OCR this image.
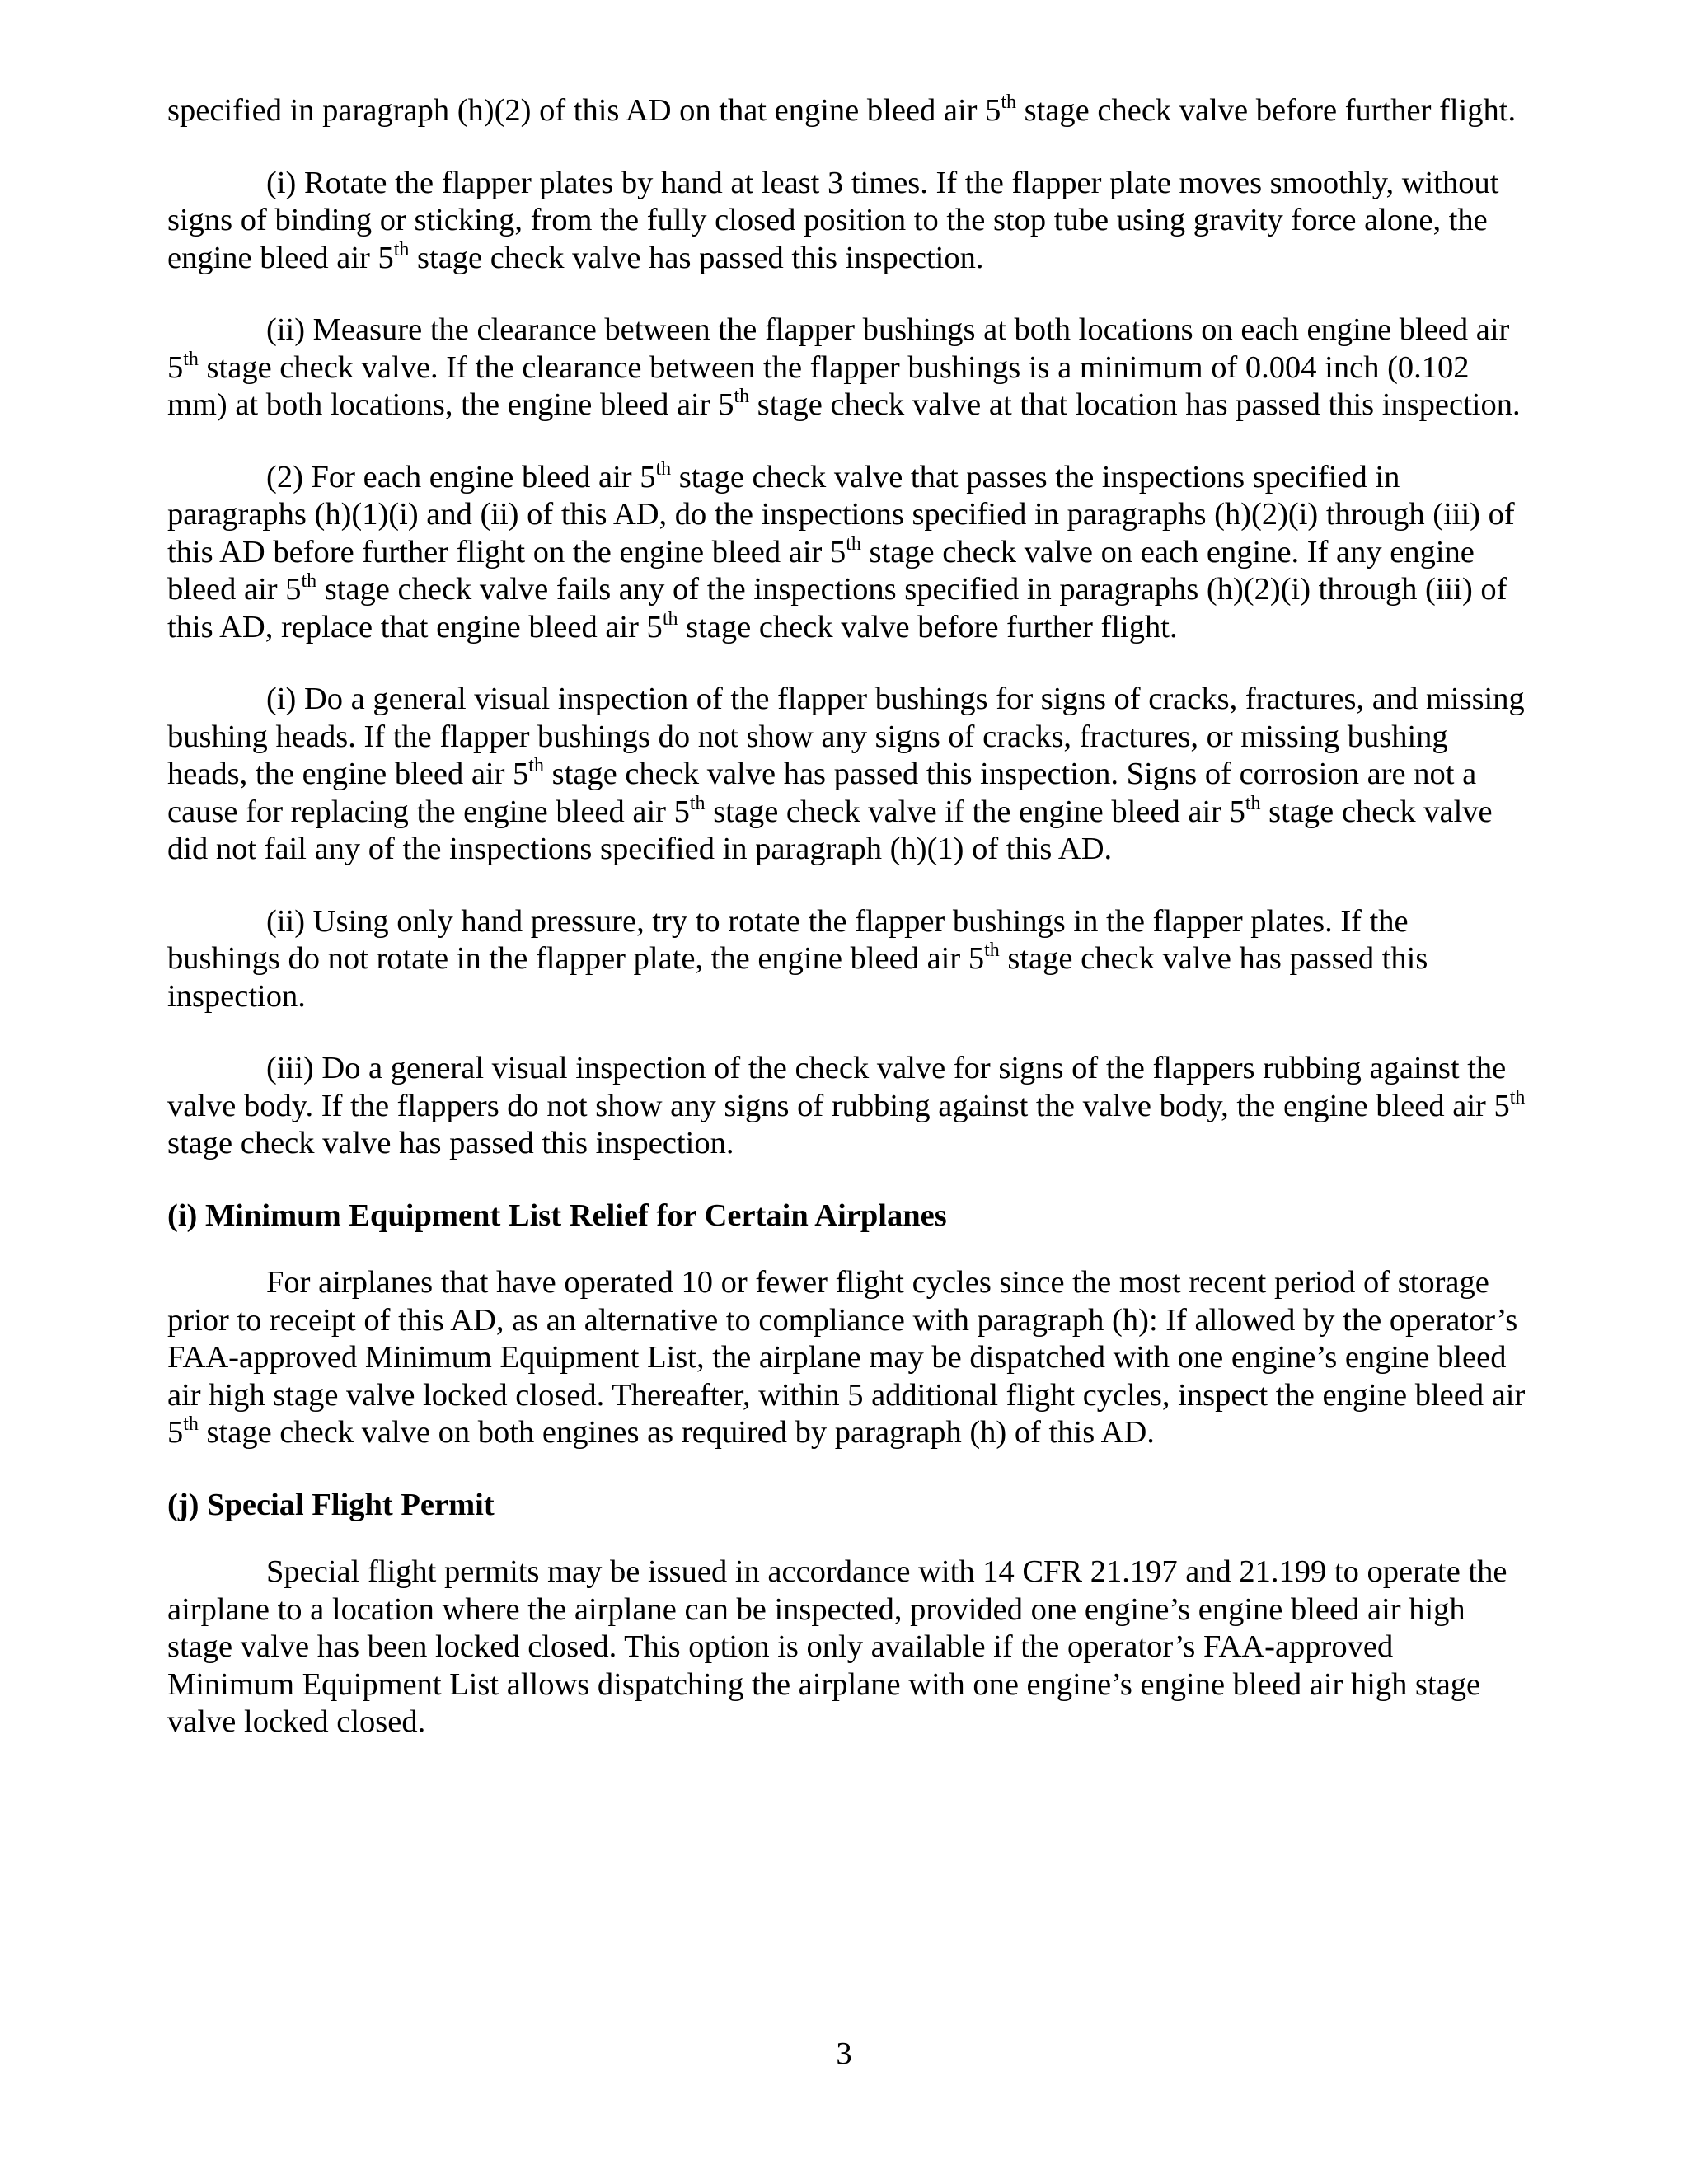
specified in paragraph (h)(2) of this AD on that engine bleed air 5th stage check valve before further flight.

(i) Rotate the flapper plates by hand at least 3 times. If the flapper plate moves smoothly, without signs of binding or sticking, from the fully closed position to the stop tube using gravity force alone, the engine bleed air 5th stage check valve has passed this inspection.

(ii) Measure the clearance between the flapper bushings at both locations on each engine bleed air 5th stage check valve. If the clearance between the flapper bushings is a minimum of 0.004 inch (0.102 mm) at both locations, the engine bleed air 5th stage check valve at that location has passed this inspection.

(2) For each engine bleed air 5th stage check valve that passes the inspections specified in paragraphs (h)(1)(i) and (ii) of this AD, do the inspections specified in paragraphs (h)(2)(i) through (iii) of this AD before further flight on the engine bleed air 5th stage check valve on each engine. If any engine bleed air 5th stage check valve fails any of the inspections specified in paragraphs (h)(2)(i) through (iii) of this AD, replace that engine bleed air 5th stage check valve before further flight.

(i) Do a general visual inspection of the flapper bushings for signs of cracks, fractures, and missing bushing heads. If the flapper bushings do not show any signs of cracks, fractures, or missing bushing heads, the engine bleed air 5th stage check valve has passed this inspection. Signs of corrosion are not a cause for replacing the engine bleed air 5th stage check valve if the engine bleed air 5th stage check valve did not fail any of the inspections specified in paragraph (h)(1) of this AD.

(ii) Using only hand pressure, try to rotate the flapper bushings in the flapper plates. If the bushings do not rotate in the flapper plate, the engine bleed air 5th stage check valve has passed this inspection.

(iii) Do a general visual inspection of the check valve for signs of the flappers rubbing against the valve body. If the flappers do not show any signs of rubbing against the valve body, the engine bleed air 5th stage check valve has passed this inspection.

(i) Minimum Equipment List Relief for Certain Airplanes

For airplanes that have operated 10 or fewer flight cycles since the most recent period of storage prior to receipt of this AD, as an alternative to compliance with paragraph (h): If allowed by the operator’s FAA-approved Minimum Equipment List, the airplane may be dispatched with one engine’s engine bleed air high stage valve locked closed. Thereafter, within 5 additional flight cycles, inspect the engine bleed air 5th stage check valve on both engines as required by paragraph (h) of this AD.

(j) Special Flight Permit

Special flight permits may be issued in accordance with 14 CFR 21.197 and 21.199 to operate the airplane to a location where the airplane can be inspected, provided one engine’s engine bleed air high stage valve has been locked closed. This option is only available if the operator’s FAA-approved Minimum Equipment List allows dispatching the airplane with one engine’s engine bleed air high stage valve locked closed.

3
